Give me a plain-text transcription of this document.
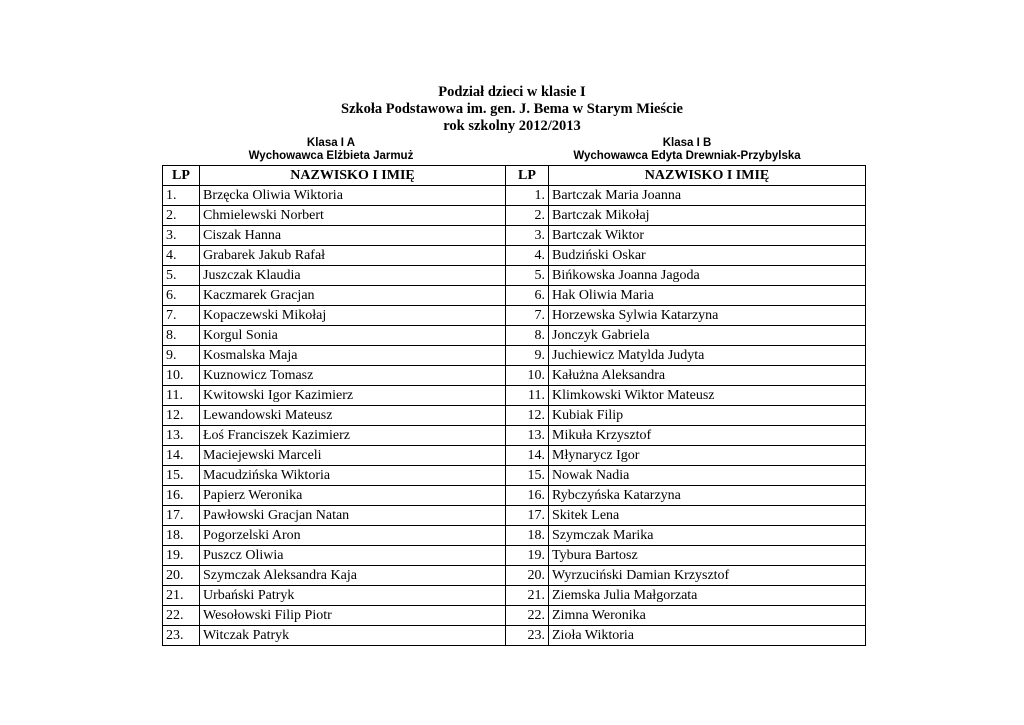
Podział dzieci w klasie I
Szkoła Podstawowa im. gen. J. Bema w Starym Mieście
rok szkolny 2012/2013
Klasa I A
Wychowawca Elżbieta Jarmuż
Klasa I B
Wychowawca Edyta Drewniak-Przybylska
LP	NAZWISKO I IMIĘ	LP	NAZWISKO I IMIĘ
1.	Brzęcka Oliwia Wiktoria	1.	Bartczak Maria Joanna
2.	Chmielewski Norbert	2.	Bartczak Mikołaj
3.	Ciszak Hanna	3.	Bartczak Wiktor
4.	Grabarek Jakub Rafał	4.	Budziński Oskar
5.	Juszczak Klaudia	5.	Bińkowska Joanna Jagoda
6.	Kaczmarek Gracjan	6.	Hak Oliwia Maria
7.	Kopaczewski Mikołaj	7.	Horzewska Sylwia Katarzyna
8.	Korgul Sonia	8.	Jonczyk Gabriela
9.	Kosmalska Maja	9.	Juchiewicz Matylda Judyta
10.	Kuznowicz Tomasz	10.	Kałużna Aleksandra
11.	Kwitowski Igor Kazimierz	11.	Klimkowski Wiktor Mateusz
12.	Lewandowski Mateusz	12.	Kubiak Filip
13.	Łoś Franciszek Kazimierz	13.	Mikuła Krzysztof
14.	Maciejewski Marceli	14.	Młynarycz Igor
15.	Macudzińska Wiktoria	15.	Nowak Nadia
16.	Papierz Weronika	16.	Rybczyńska Katarzyna
17.	Pawłowski Gracjan Natan	17.	Skitek Lena
18.	Pogorzelski Aron	18.	Szymczak Marika
19.	Puszcz Oliwia	19.	Tybura Bartosz
20.	Szymczak Aleksandra Kaja	20.	Wyrzuciński Damian Krzysztof
21.	Urbański Patryk	21.	Ziemska Julia Małgorzata
22.	Wesołowski Filip Piotr	22.	Zimna Weronika
23.	Witczak Patryk	23.	Zioła Wiktoria
